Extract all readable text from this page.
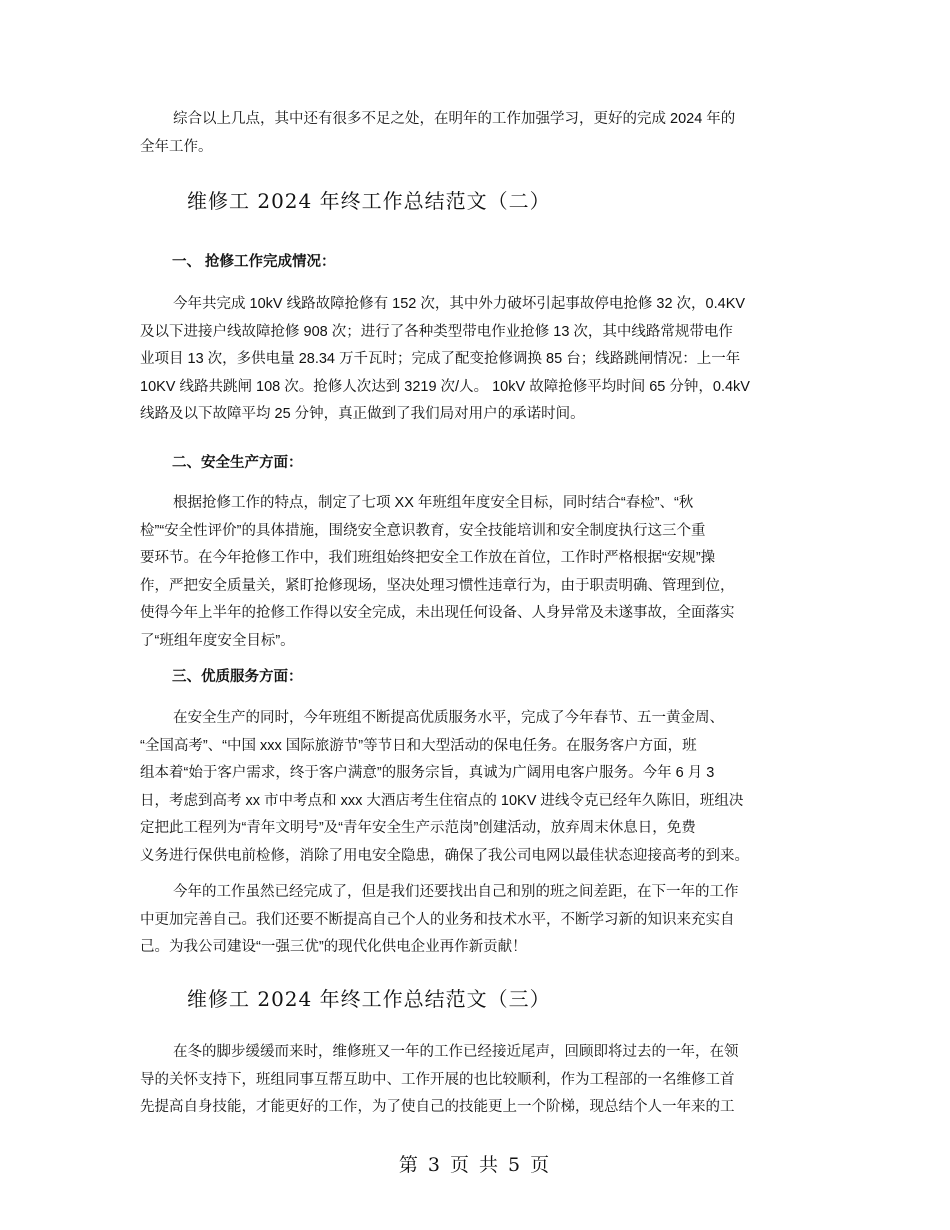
综合以上几点，其中还有很多不足之处，在明年的工作加强学习，更好的完成 2024 年的
全年工作。

维修工 2024 年终工作总结范文（二）
一、 抢修工作完成情况：

今年共完成 10kV 线路故障抢修有 152 次，其中外力破坏引起事故停电抢修 32 次，0.4KV
及以下进接户线故障抢修 908 次；进行了各种类型带电作业抢修 13 次，其中线路常规带电作
业项目 13 次，多供电量 28.34 万千瓦时；完成了配变抢修调换 85 台；线路跳闸情况：上一年
10KV 线路共跳闸 108 次。抢修人次达到 3219 次/人。 10kV 故障抢修平均时间 65 分钟，0.4kV
线路及以下故障平均 25 分钟，真正做到了我们局对用户的承诺时间。

二、安全生产方面：

根据抢修工作的特点，制定了七项 XX 年班组年度安全目标，同时结合“春检”、“秋
检”“安全性评价”的具体措施，围绕安全意识教育，安全技能培训和安全制度执行这三个重
要环节。在今年抢修工作中，我们班组始终把安全工作放在首位，工作时严格根据“安规”操
作，严把安全质量关，紧盯抢修现场，坚决处理习惯性违章行为，由于职责明确、管理到位，
使得今年上半年的抢修工作得以安全完成，未出现任何设备、人身异常及未遂事故，全面落实
了“班组年度安全目标”。

三、优质服务方面：

在安全生产的同时，今年班组不断提高优质服务水平，完成了今年春节、五一黄金周、
“全国高考”、“中国 xxx 国际旅游节”等节日和大型活动的保电任务。在服务客户方面，班
组本着“始于客户需求，终于客户满意”的服务宗旨，真诚为广阔用电客户服务。今年 6 月 3
日，考虑到高考 xx 市中考点和 xxx 大酒店考生住宿点的 10KV 进线令克已经年久陈旧，班组决
定把此工程列为“青年文明号”及“青年安全生产示范岗”创建活动，放弃周末休息日，免费
义务进行保供电前检修，消除了用电安全隐患，确保了我公司电网以最佳状态迎接高考的到来。

今年的工作虽然已经完成了，但是我们还要找出自己和别的班之间差距，在下一年的工作
中更加完善自己。我们还要不断提高自己个人的业务和技术水平，不断学习新的知识来充实自
己。为我公司建设“一强三优”的现代化供电企业再作新贡献！

维修工 2024 年终工作总结范文（三）

在冬的脚步缓缓而来时，维修班又一年的工作已经接近尾声，回顾即将过去的一年，在领
导的关怀支持下，班组同事互帮互助中、工作开展的也比较顺利，作为工程部的一名维修工首
先提高自身技能，才能更好的工作，为了使自己的技能更上一个阶梯，现总结个人一年来的工

第 3 页 共 5 页
